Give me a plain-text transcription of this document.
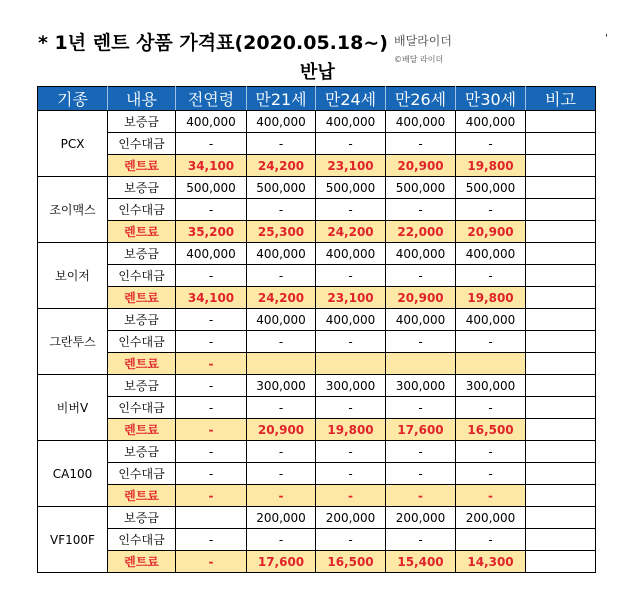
* 1년 렌트 상품 가격표(2020.05.18~) 배달라이더
©배달 라이더
'
반납
기종	내용	전연령	만21세	만24세	만26세	만30세	비고
PCX	보증금	400,000	400,000	400,000	400,000	400,000	
	인수대금	-	-	-	-	-	
	렌트료	34,100	24,200	23,100	20,900	19,800	
조이맥스	보증금	500,000	500,000	500,000	500,000	500,000	
	인수대금	-	-	-	-	-	
	렌트료	35,200	25,300	24,200	22,000	20,900	
보이저	보증금	400,000	400,000	400,000	400,000	400,000	
	인수대금	-	-	-	-	-	
	렌트료	34,100	24,200	23,100	20,900	19,800	
그란투스	보증금	-	400,000	400,000	400,000	400,000	
	인수대금	-	-	-	-	-	
	렌트료	-					
비버V	보증금	-	300,000	300,000	300,000	300,000	
	인수대금	-	-	-	-	-	
	렌트료	-	20,900	19,800	17,600	16,500	
CA100	보증금	-	-	-	-	-	
	인수대금	-	-	-	-	-	
	렌트료	-	-	-	-	-	
VF100F	보증금		200,000	200,000	200,000	200,000	
	인수대금	-	-	-	-	-	
	렌트료	-	17,600	16,500	15,400	14,300	
